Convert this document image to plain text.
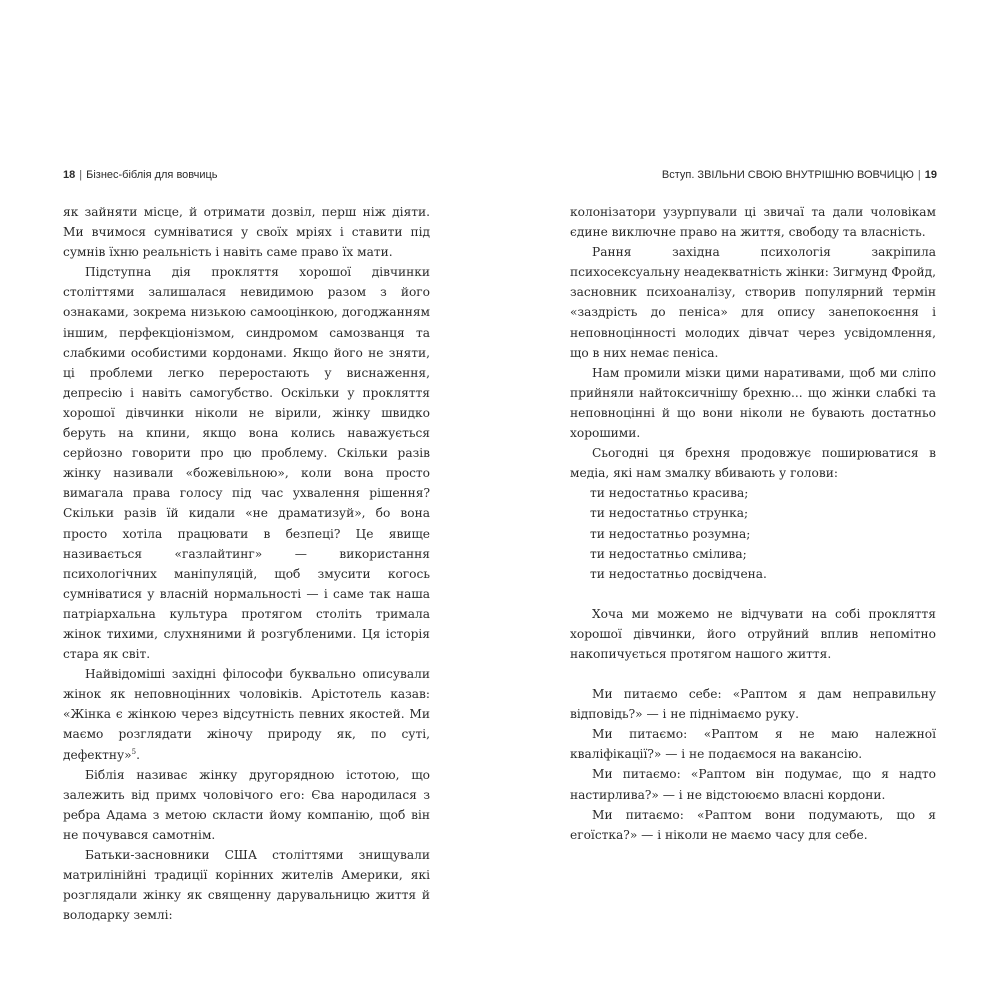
18 | Бізнес-біблія для вовчиць	Вступ. ЗВІЛЬНИ СВОЮ ВНУТРІШНЮ ВОВЧИЦЮ | 19

як зайняти місце, й отримати дозвіл, перш ніж діяти. Ми вчимося сумніватися у своїх мріях і ставити під сумнів їхню реальність і навіть саме право їх мати.

Підступна дія прокляття хорошої дівчинки століттями залишалася невидимою разом з його ознаками, зокрема низькою самооцінкою, догоджанням іншим, перфекціонізмом, синдромом самозванця та слабкими особистими кордонами. Якщо його не зняти, ці проблеми легко переростають у виснаження, депресію і навіть самогубство. Оскільки у прокляття хорошої дівчинки ніколи не вірили, жінку швидко беруть на кпини, якщо вона колись наважується серйозно говорити про цю проблему. Скільки разів жінку називали «божевільною», коли вона просто вимагала права голосу під час ухвалення рішення? Скільки разів їй кидали «не драматизуй», бо вона просто хотіла працювати в безпеці? Це явище називається «газлайтинг» — використання психологічних маніпуляцій, щоб змусити когось сумніватися у власній нормальності — і саме так наша патріархальна культура протягом століть тримала жінок тихими, слухняними й розгубленими. Ця історія стара як світ.

Найвідоміші західні філософи буквально описували жінок як неповноцінних чоловіків. Арістотель казав: «Жінка є жінкою через відсутність певних якостей. Ми маємо розглядати жіночу природу як, по суті, дефектну»$^5$.

Біблія називає жінку другорядною істотою, що залежить від примх чоловічого его: Єва народилася з ребра Адама з метою скласти йому компанію, щоб він не почувався самотнім.

Батьки-засновники США століттями знищували матрилінійні традиції корінних жителів Америки, які розглядали жінку як священну дарувальницю життя й володарку землі:

колонізатори узурпували ці звичаї та дали чоловікам єдине виключне право на життя, свободу та власність.

Рання західна психологія закріпила психосексуальну неадекватність жінки: Зигмунд Фройд, засновник психоаналізу, створив популярний термін «заздрість до пеніса» для опису занепокоєння і неповноцінності молодих дівчат через усвідомлення, що в них немає пеніса.

Нам промили мізки цими наративами, щоб ми сліпо прийняли найтоксичнішу брехню... що жінки слабкі та неповноцінні й що вони ніколи не бувають достатньо хорошими.

Сьогодні ця брехня продовжує поширюватися в медіа, які нам змалку вбивають у голови:

ти недостатньо красива;

ти недостатньо струнка;

ти недостатньо розумна;

ти недостатньо смілива;

ти недостатньо досвідчена.

Хоча ми можемо не відчувати на собі прокляття хорошої дівчинки, його отруйний вплив непомітно накопичується протягом нашого життя.

Ми питаємо себе: «Раптом я дам неправильну відповідь?» — і не піднімаємо руку.

Ми питаємо: «Раптом я не маю належної кваліфікації?» — і не подаємося на вакансію.

Ми питаємо: «Раптом він подумає, що я надто настирлива?» — і не відстоюємо власні кордони.

Ми питаємо: «Раптом вони подумають, що я егоїстка?» — і ніколи не маємо часу для себе.
